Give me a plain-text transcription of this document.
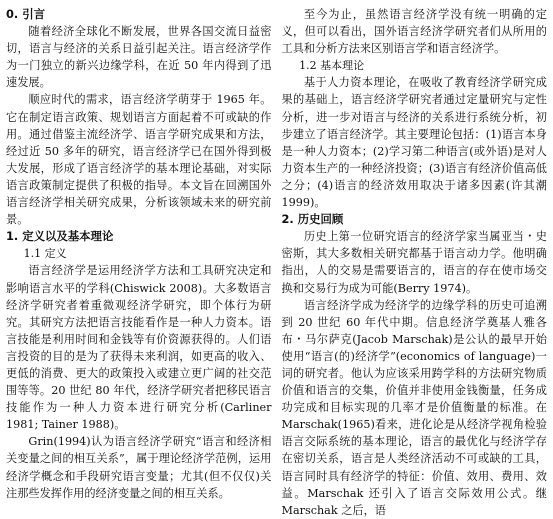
0. 引言

随着经济全球化不断发展，世界各国交流日益密切，语言与经济的关系日益引起关注。语言经济学作为一门独立的新兴边缘学科，在近 50 年内得到了迅速发展。

顺应时代的需求，语言经济学萌芽于 1965 年。它在制定语言政策、规划语言方面起着不可或缺的作用。通过借鉴主流经济学、语言学研究成果和方法，经过近 50 多年的研究，语言经济学已在国外得到极大发展，形成了语言经济学的基本理论基础，对实际语言政策制定提供了积极的指导。本文旨在回溯国外语言经济学相关研究成果，分析该领域未来的研究前景。

1. 定义以及基本理论

1.1 定义

语言经济学是运用经济学方法和工具研究决定和影响语言水平的学科(Chiswick 2008)。大多数语言经济学研究者着重微观经济学研究，即个体行为研究。其研究方法把语言技能看作是一种人力资本。语言技能是利用时间和金钱等有价资源获得的。人们语言投资的目的是为了获得未来利润，如更高的收入、更低的消费、更大的政策投入或建立更广阔的社交范围等等。20 世纪 80 年代，经济学研究者把移民语言技能作为一种人力资本进行研究分析(Carliner 1981; Tainer 1988)。

Grin(1994)认为语言经济学研究“语言和经济相关变量之间的相互关系”，属于理论经济学范例，运用经济学概念和手段研究语言变量；尤其(但不仅仅)关注那些发挥作用的经济变量之间的相互关系。

至今为止，虽然语言经济学没有统一明确的定义，但可以看出，国外语言经济学研究者们从所用的工具和分析方法来区别语言学和语言经济学。

1.2 基本理论

基于人力资本理论，在吸收了教育经济学研究成果的基础上，语言经济学研究者通过定量研究与定性分析，进一步对语言与经济的关系进行系统分析，初步建立了语言经济学。其主要理论包括：(1)语言本身是一种人力资本；(2)学习第二种语言(或外语)是对人力资本生产的一种经济投资；(3)语言有经济价值高低之分；(4)语言的经济效用取决于诸多因素(许其潮 1999)。

2. 历史回顾

历史上第一位研究语言的经济学家当属亚当・史密斯，其大多数相关研究都基于语言动力学。他明确指出，人的交易是需要语言的，语言的存在使市场交换和交易行为成为可能(Berry 1974)。

语言经济学成为经济学的边缘学科的历史可追溯到 20 世纪 60 年代中期。信息经济学奠基人雅各布・马尔萨克(Jacob Marschak)是公认的最早开始使用“语言(的)经济学”(economics of language)一词的研究者。他认为应该采用跨学科的方法研究物质价值和语言的交集，价值并非使用金钱衡量，任务成功完成和目标实现的几率才是价值衡量的标准。在 Marschak(1965)看来，进化论是从经济学视角检验语言交际系统的基本理论，语言的最优化与经济学存在密切关系，语言是人类经济活动不可或缺的工具，语言同时具有经济学的特征：价值、效用、费用、效益。Marschak 还引入了语言交际效用公式。继 Marschak 之后，语
